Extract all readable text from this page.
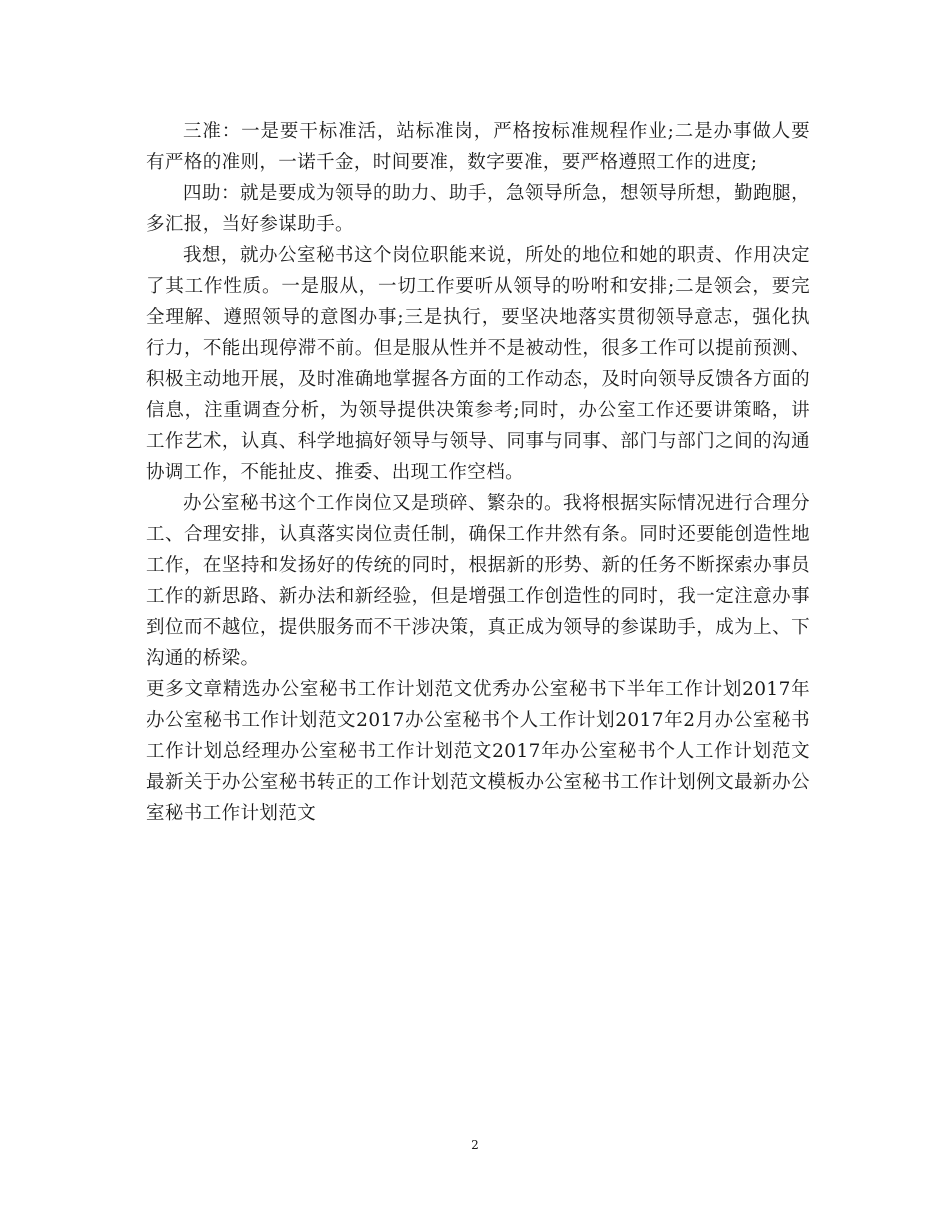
三准：一是要干标准活，站标准岗，严格按标准规程作业;二是办事做人要有严格的准则，一诺千金，时间要准，数字要准，要严格遵照工作的进度;

四助：就是要成为领导的助力、助手，急领导所急，想领导所想，勤跑腿，多汇报，当好参谋助手。

我想，就办公室秘书这个岗位职能来说，所处的地位和她的职责、作用决定了其工作性质。一是服从，一切工作要听从领导的吩咐和安排;二是领会，要完全理解、遵照领导的意图办事;三是执行，要坚决地落实贯彻领导意志，强化执行力，不能出现停滞不前。但是服从性并不是被动性，很多工作可以提前预测、积极主动地开展，及时准确地掌握各方面的工作动态，及时向领导反馈各方面的信息，注重调查分析，为领导提供决策参考;同时，办公室工作还要讲策略，讲工作艺术，认真、科学地搞好领导与领导、同事与同事、部门与部门之间的沟通协调工作，不能扯皮、推委、出现工作空档。

办公室秘书这个工作岗位又是琐碎、繁杂的。我将根据实际情况进行合理分工、合理安排，认真落实岗位责任制，确保工作井然有条。同时还要能创造性地工作，在坚持和发扬好的传统的同时，根据新的形势、新的任务不断探索办事员工作的新思路、新办法和新经验，但是增强工作创造性的同时，我一定注意办事到位而不越位，提供服务而不干涉决策，真正成为领导的参谋助手，成为上、下沟通的桥梁。

更多文章精选办公室秘书工作计划范文优秀办公室秘书下半年工作计划2017年办公室秘书工作计划范文2017办公室秘书个人工作计划2017年2月办公室秘书工作计划总经理办公室秘书工作计划范文2017年办公室秘书个人工作计划范文最新关于办公室秘书转正的工作计划范文模板办公室秘书工作计划例文最新办公室秘书工作计划范文

2
